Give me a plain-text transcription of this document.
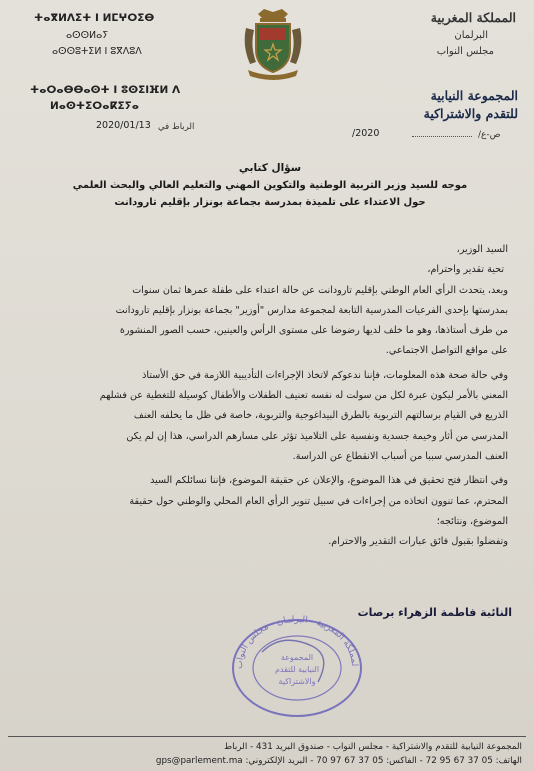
ⵜⴰⴳⵍⴷⵉⵜ ⵏ ⵍⵎⵖⵔⵉⴱ
ⴰⵙⵙⵍⴰⵢ
ⴰⵙⵙⵓⵜⵉⵍ ⵏ ⵓⴳⴷⵓⴷ
ⵜⴰⵔⴰⴱⴱⴰⵙⵜ ⵏ ⵓⵙⵉⵏⴼⵍ ⴷ
ⵍⴰⵙⵜⵉⵔⴰⴽⵉⵢⴰ
المملكة المغربية
البرلمان
مجلس النواب
المجموعة النيابية
للتقدم والاشتراكية
/2020	ص-ع/
2020/01/13 الرباط في
سؤال كتابي
موجه للسيد وزير التربية الوطنية والتكوين المهني والتعليم العالي والبحث العلمي
حول الاعتداء على تلميذة بمدرسة بجماعة بونزار بإقليم تارودانت
السيد الوزير،
تحية تقدير واحترام،
وبعد، يتحدث الرأي العام الوطني بإقليم تارودانت عن حالة اعتداء على طفلة عمرها ثمان سنوات
بمدرستها بإحدى الفرعيات المدرسية التابعة لمجموعة مدارس "أوزير" بجماعة بونزار بإقليم تارودانت
من طرف أستاذها، وهو ما خلف لديها رضوضا على مستوى الرأس والعينين، حسب الصور المنشورة
على مواقع التواصل الاجتماعي.
وفي حالة صحة هذه المعلومات، فإننا ندعوكم لاتخاذ الإجراءات التأديبية اللازمة في حق الأستاذ
المعني بالأمر ليكون عبرة لكل من سولت له نفسه تعنيف الطفلات والأطفال كوسيلة للتغطية عن فشلهم
الذريع في القيام برسالتهم التربوية بالطرق البيداغوجية والتربوية، خاصة في ظل ما يخلفه العنف
المدرسي من أثار وخيمة جسدية ونفسية على التلاميذ تؤثر على مسارهم الدراسي، هذا إن لم يكن
العنف المدرسي سببا من أسباب الانقطاع عن الدراسة.
وفي انتظار فتح تحقيق في هذا الموضوع، والإعلان عن حقيقة الموضوع، فإننا نسائلكم السيد
المحترم، عما تنوون اتخاذه من إجراءات في سبيل تنوير الرأي العام المحلي والوطني حول حقيقة
الموضوع، ونتائجه؛
وتفضلوا بقبول فائق عبارات التقدير والاحترام.
النائبة فاطمة الزهراء برصات
لمملكة المغربية - البرلمان - مجلس النواب
المجموعة
النيابية للتقدم
والاشتراكية
المجموعة النيابية للتقدم والاشتراكية - مجلس النواب - صندوق البريد 431 - الرباط
الهاتف: 05 37 67 95 72 - الفاكس: 05 37 67 97 70 - البريد الإلكتروني: gps@parlement.ma
